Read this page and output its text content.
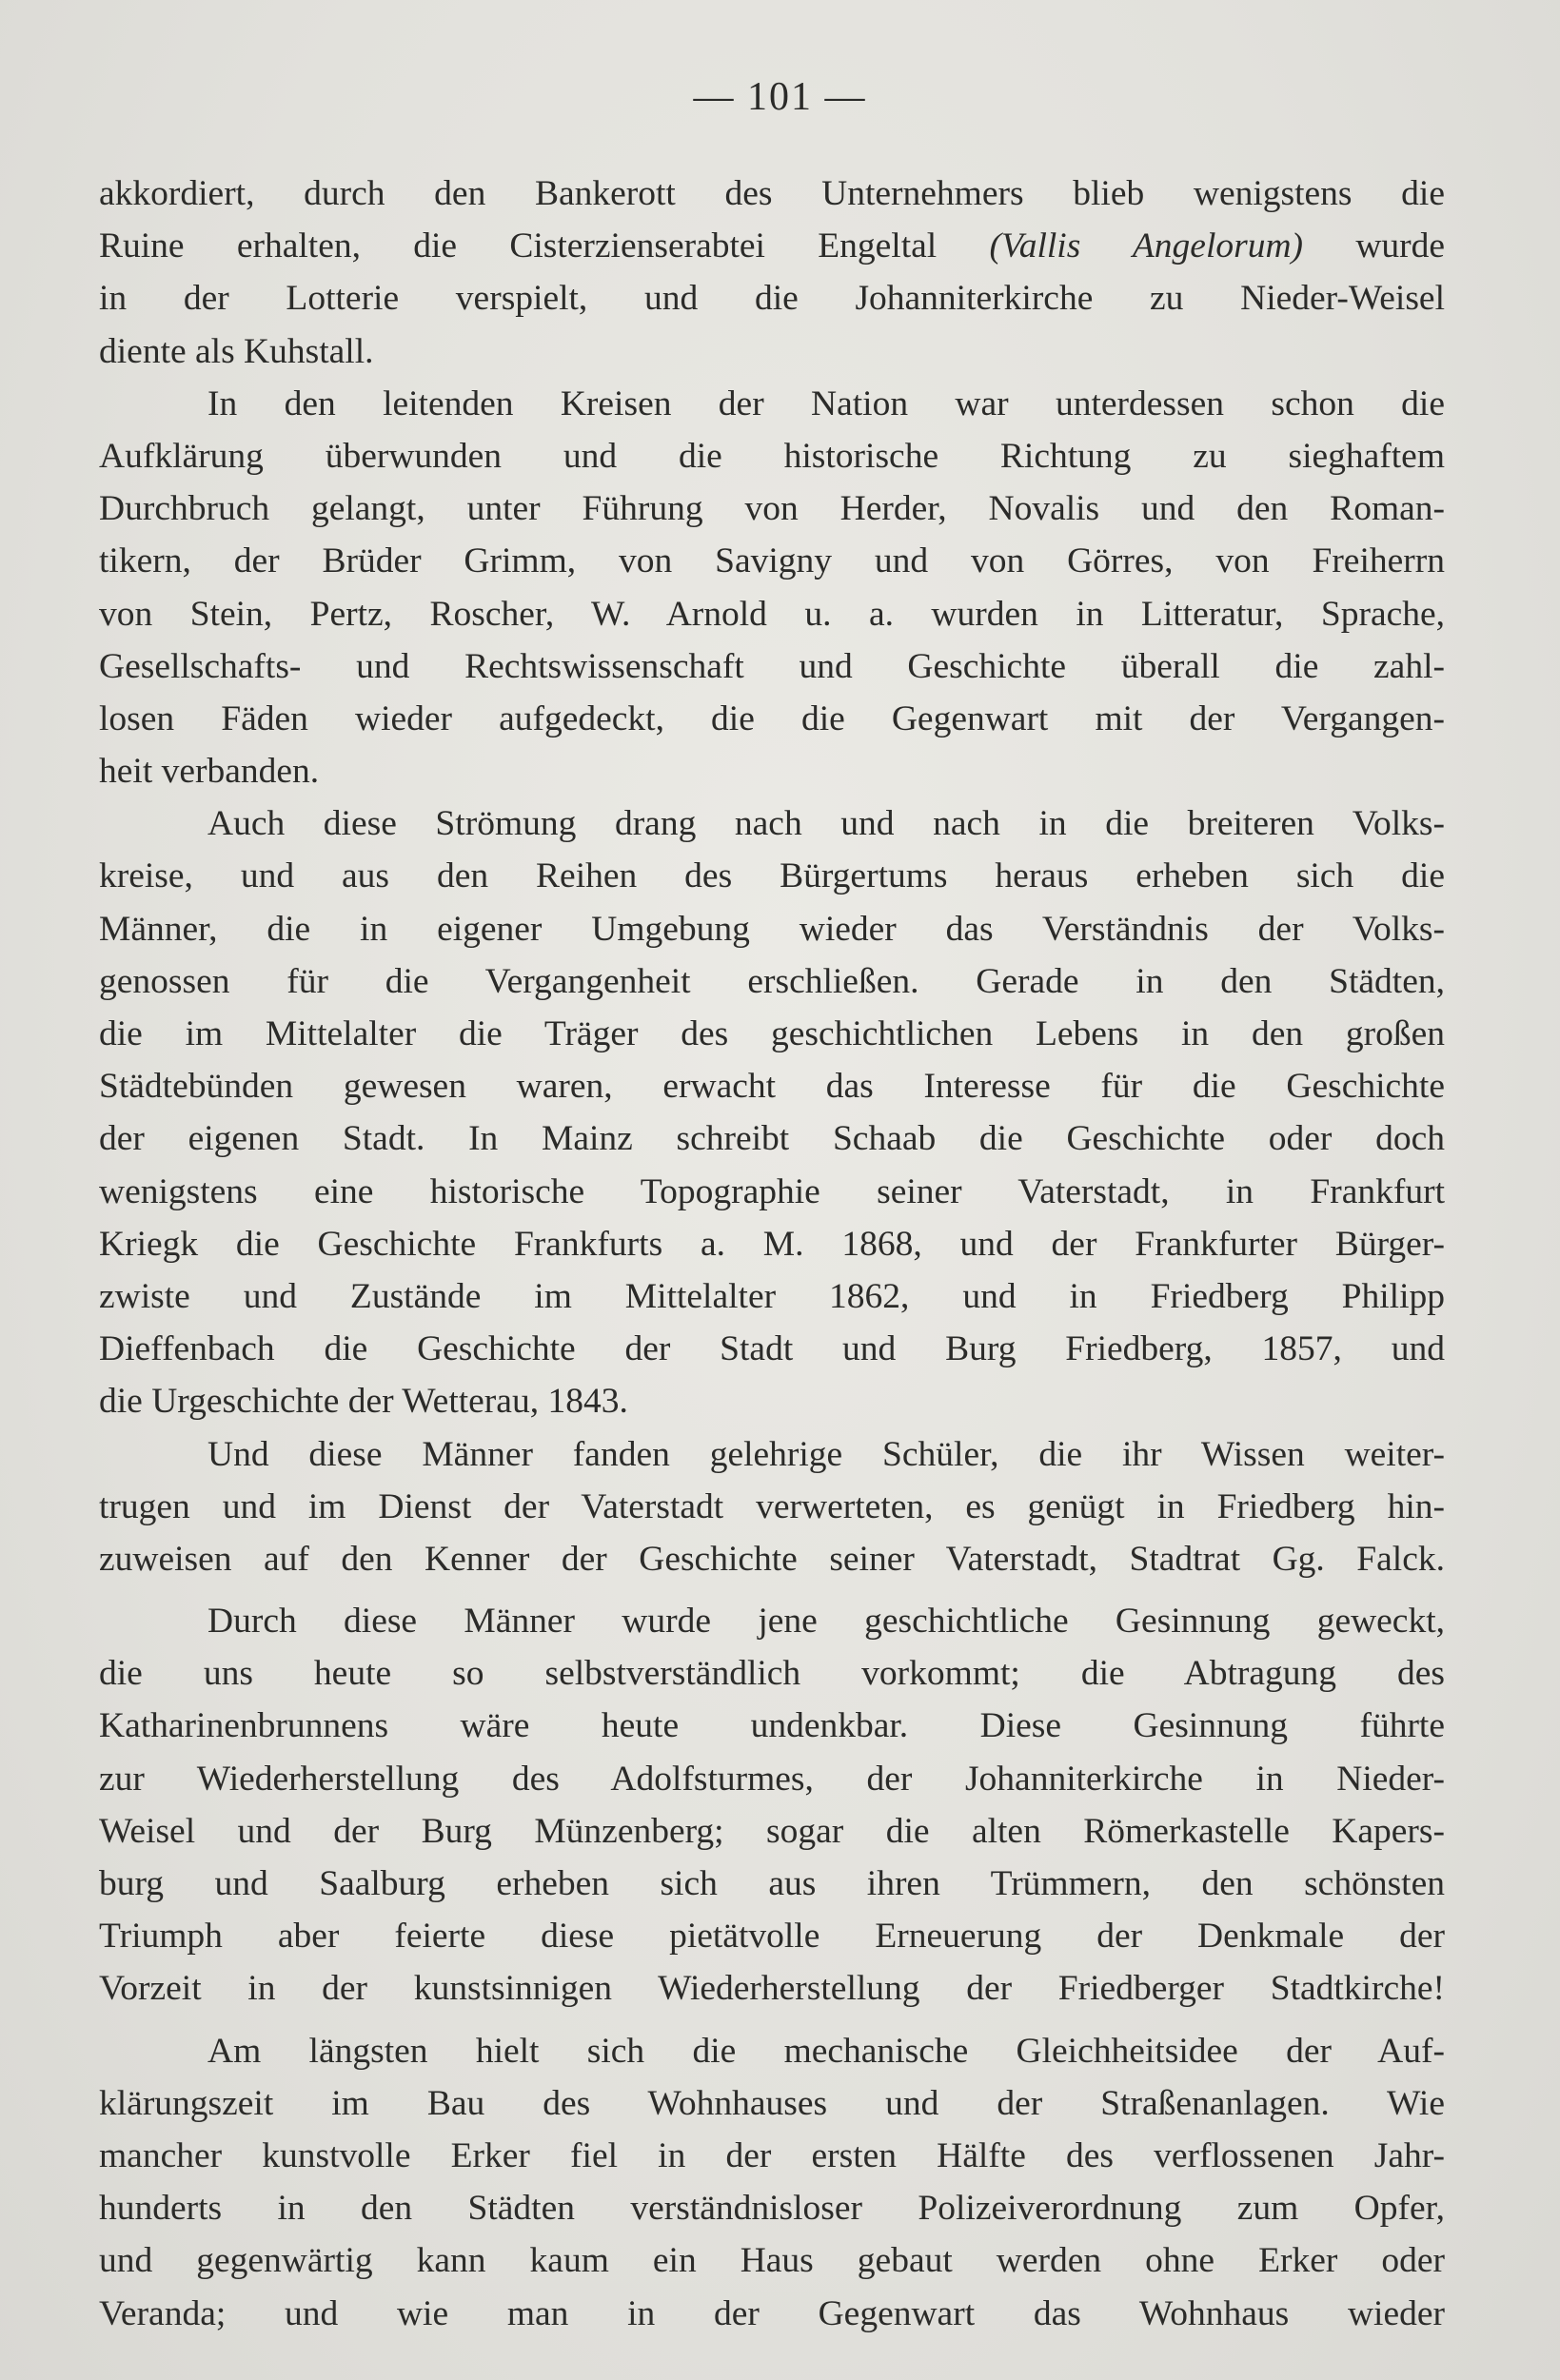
— 101 —

akkordiert, durch den Bankerott des Unternehmers blieb wenigstens die
Ruine erhalten, die Cisterzienserabtei Engeltal (Vallis Angelorum) wurde
in der Lotterie verspielt, und die Johanniterkirche zu Nieder-Weisel
diente als Kuhstall.

In den leitenden Kreisen der Nation war unterdessen schon die
Aufklärung überwunden und die historische Richtung zu sieghaftem
Durchbruch gelangt, unter Führung von Herder, Novalis und den Roman-
tikern, der Brüder Grimm, von Savigny und von Görres, von Freiherrn
von Stein, Pertz, Roscher, W. Arnold u. a. wurden in Litteratur, Sprache,
Gesellschafts- und Rechtswissenschaft und Geschichte überall die zahl-
losen Fäden wieder aufgedeckt, die die Gegenwart mit der Vergangen-
heit verbanden.

Auch diese Strömung drang nach und nach in die breiteren Volks-
kreise, und aus den Reihen des Bürgertums heraus erheben sich die
Männer, die in eigener Umgebung wieder das Verständnis der Volks-
genossen für die Vergangenheit erschließen. Gerade in den Städten,
die im Mittelalter die Träger des geschichtlichen Lebens in den großen
Städtebünden gewesen waren, erwacht das Interesse für die Geschichte
der eigenen Stadt. In Mainz schreibt Schaab die Geschichte oder doch
wenigstens eine historische Topographie seiner Vaterstadt, in Frankfurt
Kriegk die Geschichte Frankfurts a. M. 1868, und der Frankfurter Bürger-
zwiste und Zustände im Mittelalter 1862, und in Friedberg Philipp
Dieffenbach die Geschichte der Stadt und Burg Friedberg, 1857, und
die Urgeschichte der Wetterau, 1843.

Und diese Männer fanden gelehrige Schüler, die ihr Wissen weiter-
trugen und im Dienst der Vaterstadt verwerteten, es genügt in Friedberg hin-
zuweisen auf den Kenner der Geschichte seiner Vaterstadt, Stadtrat Gg. Falck.

Durch diese Männer wurde jene geschichtliche Gesinnung geweckt,
die uns heute so selbstverständlich vorkommt; die Abtragung des
Katharinenbrunnens wäre heute undenkbar. Diese Gesinnung führte
zur Wiederherstellung des Adolfsturmes, der Johanniterkirche in Nieder-
Weisel und der Burg Münzenberg; sogar die alten Römerkastelle Kapers-
burg und Saalburg erheben sich aus ihren Trümmern, den schönsten
Triumph aber feierte diese pietätvolle Erneuerung der Denkmale der
Vorzeit in der kunstsinnigen Wiederherstellung der Friedberger Stadtkirche!

Am längsten hielt sich die mechanische Gleichheitsidee der Auf-
klärungszeit im Bau des Wohnhauses und der Straßenanlagen. Wie
mancher kunstvolle Erker fiel in der ersten Hälfte des verflossenen Jahr-
hunderts in den Städten verständnisloser Polizeiverordnung zum Opfer,
und gegenwärtig kann kaum ein Haus gebaut werden ohne Erker oder
Veranda; und wie man in der Gegenwart das Wohnhaus wieder
